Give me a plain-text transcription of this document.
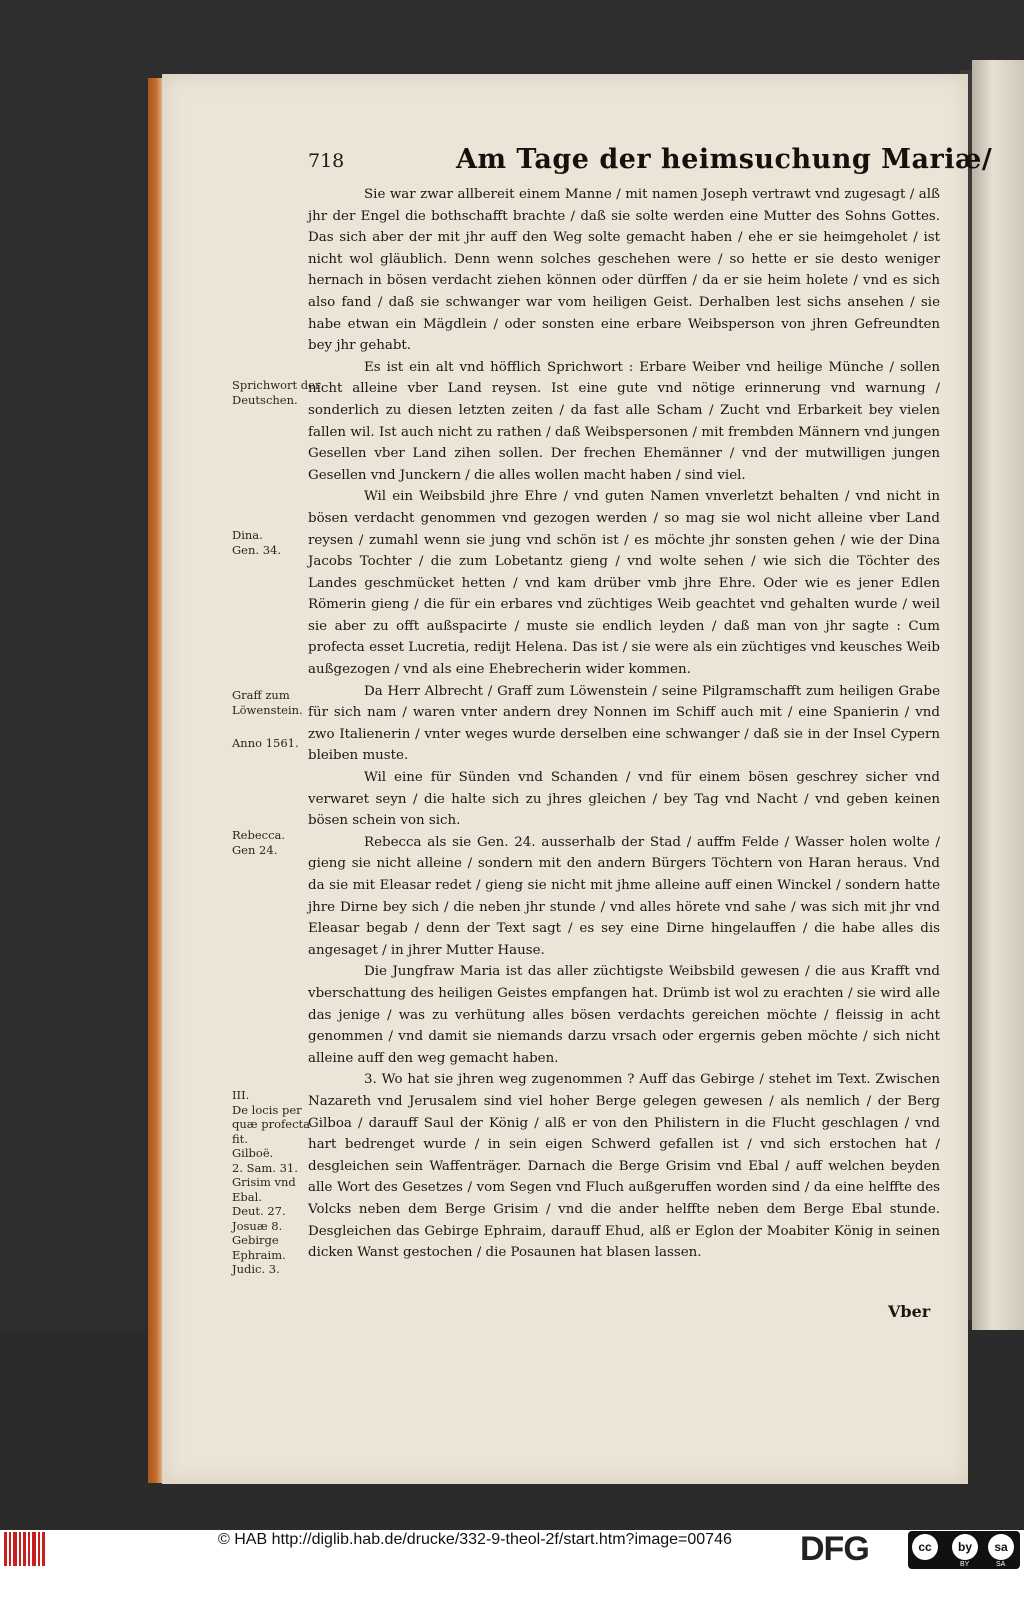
718	Am Tage der heimsuchung Mariæ/

Sie war zwar allbereit einem Manne / mit namen Joseph vertrawt vnd zugesagt / alß jhr der Engel die bothschafft brachte / daß sie solte werden eine Mutter des Sohns Gottes. Das sich aber der mit jhr auff den Weg solte gemacht haben / ehe er sie heimgeholet / ist nicht wol gläublich. Denn wenn solches geschehen were / so hette er sie desto weniger hernach in bösen verdacht ziehen können oder dürffen / da er sie heim holete / vnd es sich also fand / daß sie schwanger war vom heiligen Geist. Derhalben lest sichs ansehen / sie habe etwan ein Mägdlein / oder sonsten eine erbare Weibsperson von jhren Gefreundten bey jhr gehabt.

Es ist ein alt vnd höfflich Sprichwort : Erbare Weiber vnd heilige Münche / sollen nicht alleine vber Land reysen. Ist eine gute vnd nötige erinnerung vnd warnung / sonderlich zu diesen letzten zeiten / da fast alle Scham / Zucht vnd Erbarkeit bey vielen fallen wil. Ist auch nicht zu rathen / daß Weibspersonen / mit frembden Männern vnd jungen Gesellen vber Land zihen sollen. Der frechen Ehemänner / vnd der mutwilligen jungen Gesellen vnd Junckern / die alles wollen macht haben / sind viel.

Wil ein Weibsbild jhre Ehre / vnd guten Namen vnverletzt behalten / vnd nicht in bösen verdacht genommen vnd gezogen werden / so mag sie wol nicht alleine vber Land reysen / zumahl wenn sie jung vnd schön ist / es möchte jhr sonsten gehen / wie der Dina Jacobs Tochter / die zum Lobetantz gieng / vnd wolte sehen / wie sich die Töchter des Landes geschmücket hetten / vnd kam drüber vmb jhre Ehre. Oder wie es jener Edlen Römerin gieng / die für ein erbares vnd züchtiges Weib geachtet vnd gehalten wurde / weil sie aber zu offt außspacirte / muste sie endlich leyden / daß man von jhr sagte : Cum profecta esset Lucretia, redijt Helena. Das ist / sie were als ein züchtiges vnd keusches Weib außgezogen / vnd als eine Ehebrecherin wider kommen.

Da Herr Albrecht / Graff zum Löwenstein / seine Pilgramschafft zum heiligen Grabe für sich nam / waren vnter andern drey Nonnen im Schiff auch mit / eine Spanierin / vnd zwo Italienerin / vnter weges wurde derselben eine schwanger / daß sie in der Insel Cypern bleiben muste.

Wil eine für Sünden vnd Schanden / vnd für einem bösen geschrey sicher vnd verwaret seyn / die halte sich zu jhres gleichen / bey Tag vnd Nacht / vnd geben keinen bösen schein von sich.

Rebecca als sie Gen. 24. ausserhalb der Stad / auffm Felde / Wasser holen wolte / gieng sie nicht alleine / sondern mit den andern Bürgers Töchtern von Haran heraus. Vnd da sie mit Eleasar redet / gieng sie nicht mit jhme alleine auff einen Winckel / sondern hatte jhre Dirne bey sich / die neben jhr stunde / vnd alles hörete vnd sahe / was sich mit jhr vnd Eleasar begab / denn der Text sagt / es sey eine Dirne hingelauffen / die habe alles dis angesaget / in jhrer Mutter Hause.

Die Jungfraw Maria ist das aller züchtigste Weibsbild gewesen / die aus Krafft vnd vberschattung des heiligen Geistes empfangen hat. Drümb ist wol zu erachten / sie wird alle das jenige / was zu verhütung alles bösen verdachts gereichen möchte / fleissig in acht genommen / vnd damit sie niemands darzu vrsach oder ergernis geben möchte / sich nicht alleine auff den weg gemacht haben.

3. Wo hat sie jhren weg zugenommen ? Auff das Gebirge / stehet im Text. Zwischen Nazareth vnd Jerusalem sind viel hoher Berge gelegen gewesen / als nemlich / der Berg Gilboa / darauff Saul der König / alß er von den Philistern in die Flucht geschlagen / vnd hart bedrenget wurde / in sein eigen Schwerd gefallen ist / vnd sich erstochen hat / desgleichen sein Waffenträger. Darnach die Berge Grisim vnd Ebal / auff welchen beyden alle Wort des Gesetzes / vom Segen vnd Fluch außgeruffen worden sind / da eine helffte des Volcks neben dem Berge Grisim / vnd die ander helffte neben dem Berge Ebal stunde. Desgleichen das Gebirge Ephraim, darauff Ehud, alß er Eglon der Moabiter König in seinen dicken Wanst gestochen / die Posaunen hat blasen lassen.

Sprichwort der
Deutschen.
Dina.
Gen. 34.
Graff zum
Löwenstein.
Anno 1561.
Rebecca.
Gen 24.
III.
De locis per
quæ profecta
fit.
Gilboë.
2. Sam. 31.
Grisim vnd
Ebal.
Deut. 27.
Josuæ 8.
Gebirge
Ephraim.
Judic. 3.
Vber
© HAB http://diglib.hab.de/drucke/332-9-theol-2f/start.htm?image=00746 DFG	cc	by	sa
BY	SA
